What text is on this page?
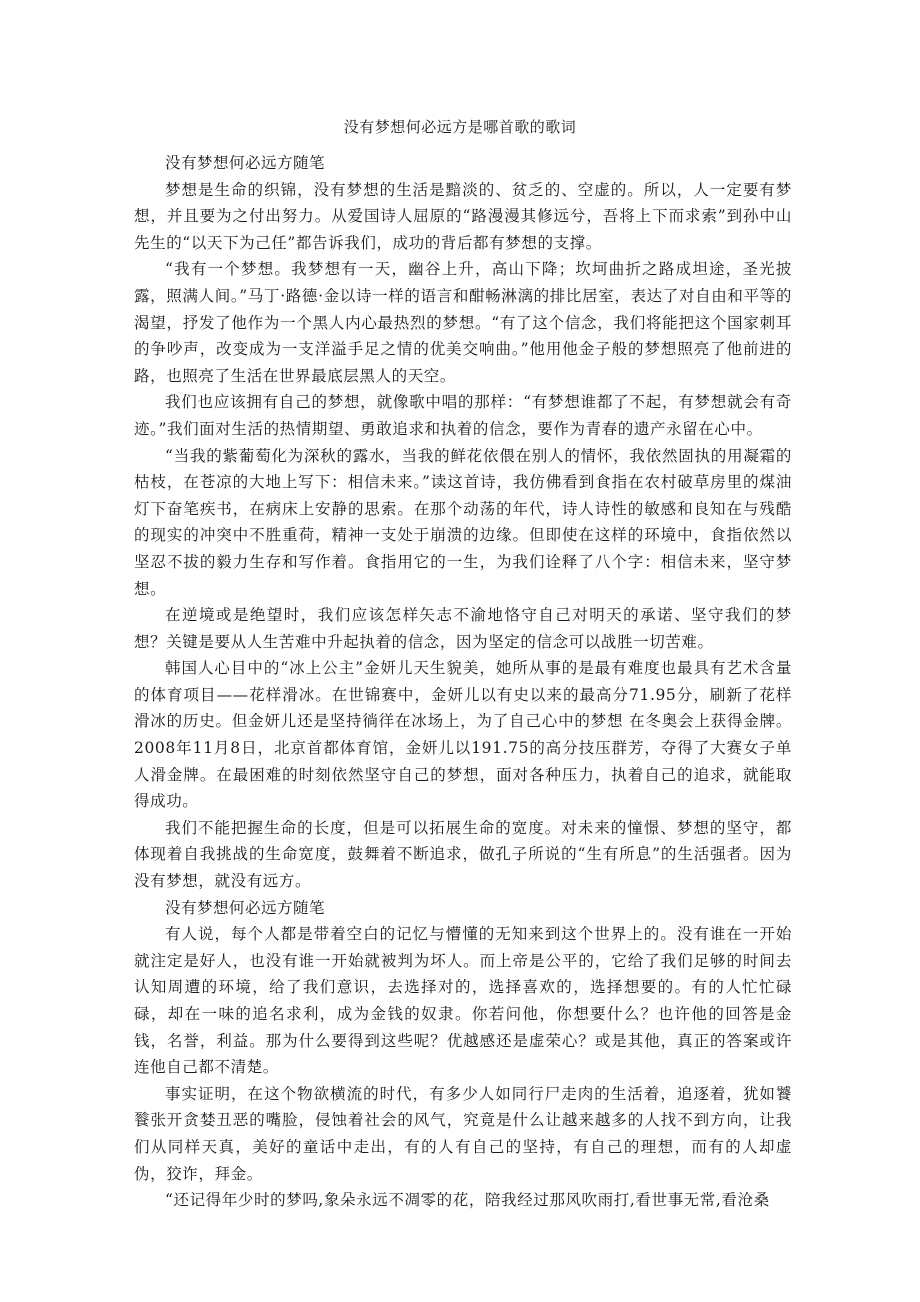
没有梦想何必远方是哪首歌的歌词

没有梦想何必远方随笔

梦想是生命的织锦，没有梦想的生活是黯淡的、贫乏的、空虚的。所以，人一定要有梦想，并且要为之付出努力。从爱国诗人屈原的“路漫漫其修远兮，吾将上下而求索”到孙中山先生的“以天下为己任”都告诉我们，成功的背后都有梦想的支撑。

“我有一个梦想。我梦想有一天，幽谷上升，高山下降；坎坷曲折之路成坦途，圣光披露，照满人间。”马丁·路德·金以诗一样的语言和酣畅淋漓的排比居室，表达了对自由和平等的渴望，抒发了他作为一个黑人内心最热烈的梦想。“有了这个信念，我们将能把这个国家刺耳的争吵声，改变成为一支洋溢手足之情的优美交响曲。”他用他金子般的梦想照亮了他前进的路，也照亮了生活在世界最底层黑人的天空。

我们也应该拥有自己的梦想，就像歌中唱的那样：“有梦想谁都了不起，有梦想就会有奇迹。”我们面对生活的热情期望、勇敢追求和执着的信念，要作为青春的遗产永留在心中。

“当我的紫葡萄化为深秋的露水，当我的鲜花依偎在别人的情怀，我依然固执的用凝霜的枯枝，在苍凉的大地上写下：相信未来。”读这首诗，我仿佛看到食指在农村破草房里的煤油灯下奋笔疾书，在病床上安静的思索。在那个动荡的年代，诗人诗性的敏感和良知在与残酷的现实的冲突中不胜重荷，精神一支处于崩溃的边缘。但即使在这样的环境中，食指依然以坚忍不拔的毅力生存和写作着。食指用它的一生，为我们诠释了八个字：相信未来，坚守梦想。

在逆境或是绝望时，我们应该怎样矢志不渝地恪守自己对明天的承诺、坚守我们的梦想？关键是要从人生苦难中升起执着的信念，因为坚定的信念可以战胜一切苦难。

韩国人心目中的“冰上公主”金妍儿天生貌美，她所从事的是最有难度也最具有艺术含量的体育项目——花样滑冰。在世锦赛中，金妍儿以有史以来的最高分71.95分，刷新了花样滑冰的历史。但金妍儿还是坚持徜徉在冰场上，为了自己心中的梦想 在冬奥会上获得金牌。2008年11月8日，北京首都体育馆，金妍儿以191.75的高分技压群芳，夺得了大赛女子单人滑金牌。在最困难的时刻依然坚守自己的梦想，面对各种压力，执着自己的追求，就能取得成功。

我们不能把握生命的长度，但是可以拓展生命的宽度。对未来的憧憬、梦想的坚守，都体现着自我挑战的生命宽度，鼓舞着不断追求，做孔子所说的“生有所息”的生活强者。因为没有梦想，就没有远方。

没有梦想何必远方随笔

有人说，每个人都是带着空白的记忆与懵懂的无知来到这个世界上的。没有谁在一开始就注定是好人，也没有谁一开始就被判为坏人。而上帝是公平的，它给了我们足够的时间去认知周遭的环境，给了我们意识，去选择对的，选择喜欢的，选择想要的。有的人忙忙碌碌，却在一味的追名求利，成为金钱的奴隶。你若问他，你想要什么？也许他的回答是金钱，名誉，利益。那为什么要得到这些呢？优越感还是虚荣心？或是其他，真正的答案或许连他自己都不清楚。

事实证明，在这个物欲横流的时代，有多少人如同行尸走肉的生活着，追逐着，犹如饕餮张开贪婪丑恶的嘴脸，侵蚀着社会的风气，究竟是什么让越来越多的人找不到方向，让我们从同样天真，美好的童话中走出，有的人有自己的坚持，有自己的理想，而有的人却虚伪，狡诈，拜金。

“还记得年少时的梦吗,象朵永远不凋零的花，陪我经过那风吹雨打,看世事无常,看沧桑
